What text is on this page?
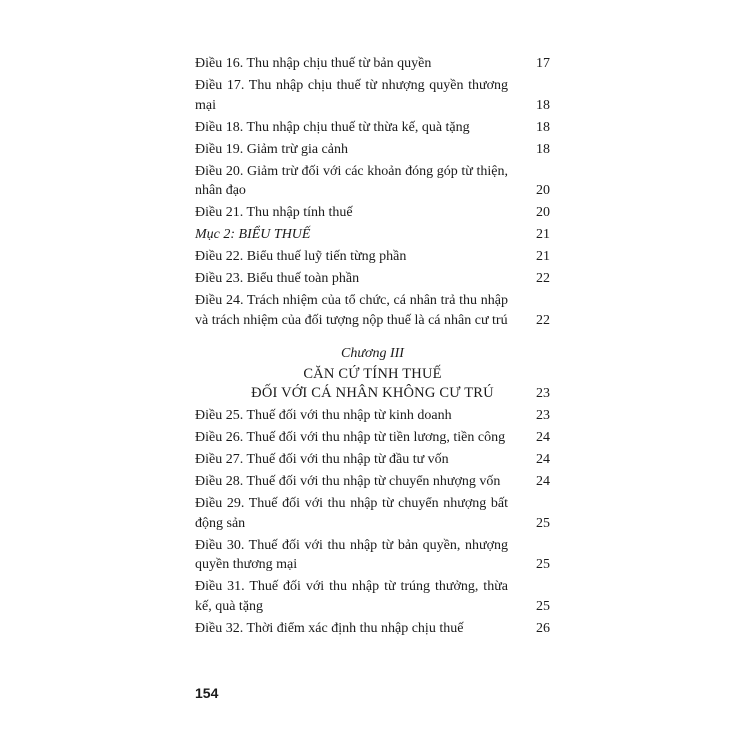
Điều 16. Thu nhập chịu thuế từ bản quyền	17
Điều 17. Thu nhập chịu thuế từ nhượng quyền thương mại	18
Điều 18. Thu nhập chịu thuế từ thừa kế, quà tặng	18
Điều 19. Giảm trừ gia cảnh	18
Điều 20. Giảm trừ đối với các khoản đóng góp từ thiện, nhân đạo	20
Điều 21. Thu nhập tính thuế	20
Mục 2: BIỂU THUẾ	21
Điều 22. Biểu thuế luỹ tiến từng phần	21
Điều 23. Biểu thuế toàn phần	22
Điều 24. Trách nhiệm của tổ chức, cá nhân trả thu nhập và trách nhiệm của đối tượng nộp thuế là cá nhân cư trú	22
Chương III
CĂN CỨ TÍNH THUẾ
ĐỐI VỚI CÁ NHÂN KHÔNG CƯ TRÚ	23
Điều 25. Thuế đối với thu nhập từ kinh doanh	23
Điều 26. Thuế đối với thu nhập từ tiền lương, tiền công	24
Điều 27. Thuế đối với thu nhập từ đầu tư vốn	24
Điều 28. Thuế đối với thu nhập từ chuyển nhượng vốn	24
Điều 29. Thuế đối với thu nhập từ chuyển nhượng bất động sản	25
Điều 30. Thuế đối với thu nhập từ bản quyền, nhượng quyền thương mại	25
Điều 31. Thuế đối với thu nhập từ trúng thưởng, thừa kế, quà tặng	25
Điều 32. Thời điểm xác định thu nhập chịu thuế	26
154
